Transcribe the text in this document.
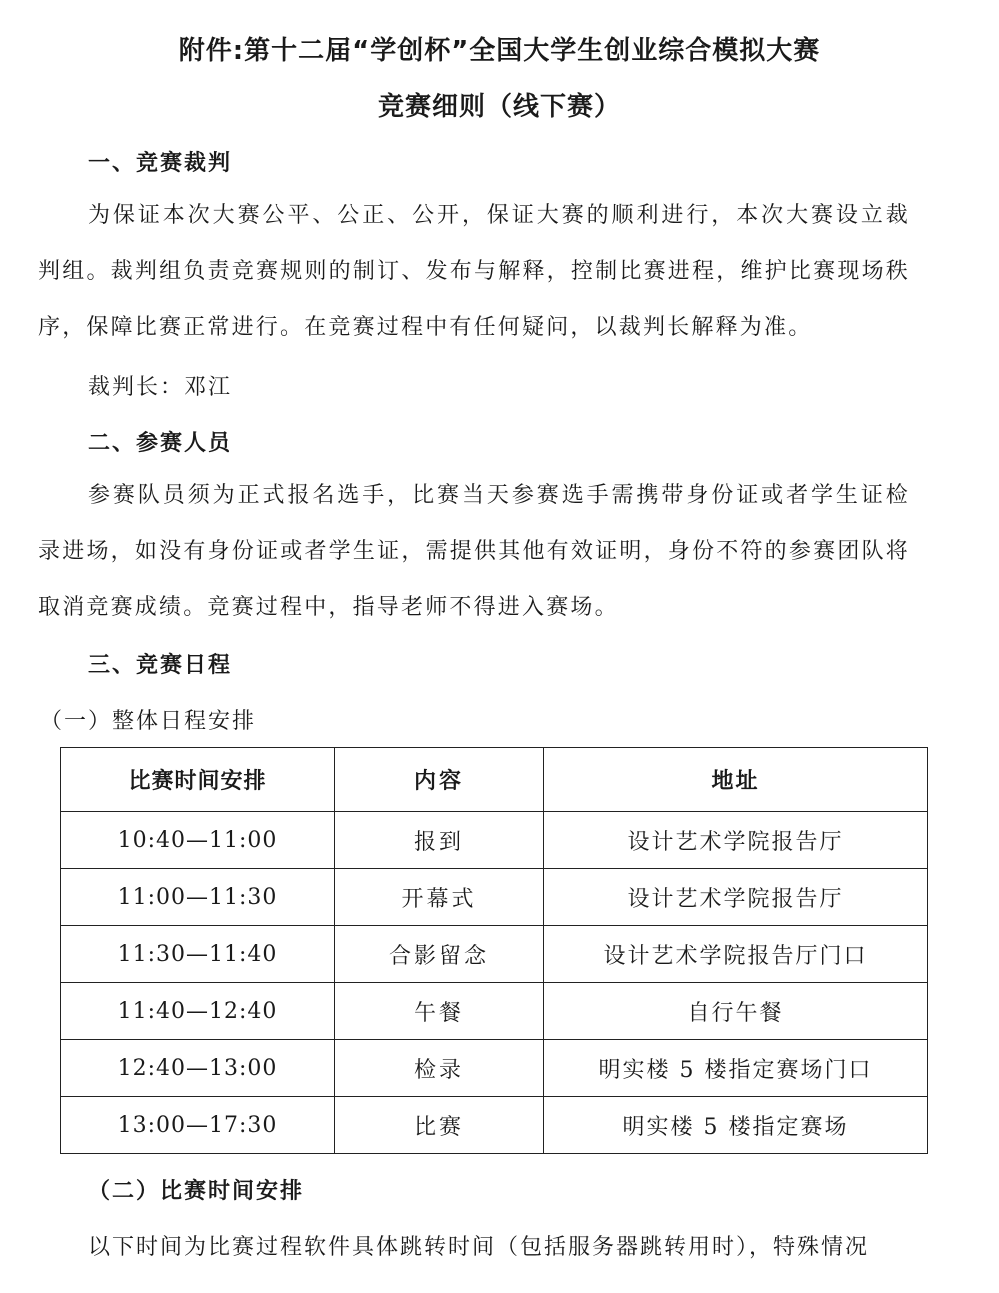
附件:第十二届“学创杯”全国大学生创业综合模拟大赛
竞赛细则（线下赛）
一、竞赛裁判
为保证本次大赛公平、公正、公开，保证大赛的顺利进行，本次大赛设立裁判组。裁判组负责竞赛规则的制订、发布与解释，控制比赛进程，维护比赛现场秩序，保障比赛正常进行。在竞赛过程中有任何疑问，以裁判长解释为准。
裁判长：邓江
二、参赛人员
参赛队员须为正式报名选手，比赛当天参赛选手需携带身份证或者学生证检录进场，如没有身份证或者学生证，需提供其他有效证明，身份不符的参赛团队将取消竞赛成绩。竞赛过程中，指导老师不得进入赛场。
三、竞赛日程
（一）整体日程安排
比赛时间安排	内容	地址
10:40—11:00	报到	设计艺术学院报告厅
11:00—11:30	开幕式	设计艺术学院报告厅
11:30—11:40	合影留念	设计艺术学院报告厅门口
11:40—12:40	午餐	自行午餐
12:40—13:00	检录	明实楼 5 楼指定赛场门口
13:00—17:30	比赛	明实楼 5 楼指定赛场
（二）比赛时间安排
以下时间为比赛过程软件具体跳转时间（包括服务器跳转用时），特殊情况
